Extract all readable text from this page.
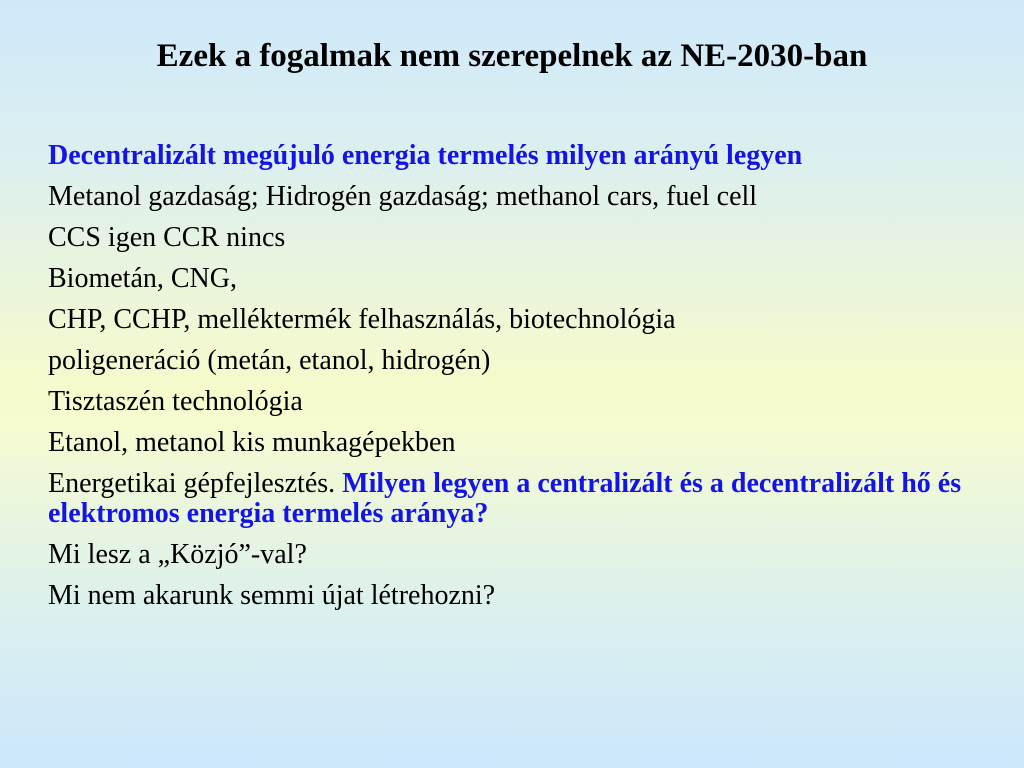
Ezek a fogalmak nem szerepelnek az NE-2030-ban

Decentralizált megújuló energia termelés milyen arányú legyen

Metanol gazdaság; Hidrogén gazdaság; methanol cars, fuel cell

CCS igen CCR nincs

Biometán, CNG,

CHP, CCHP, melléktermék felhasználás, biotechnológia

poligeneráció (metán, etanol, hidrogén)

Tisztaszén technológia

Etanol, metanol kis munkagépekben

Energetikai gépfejlesztés. Milyen legyen a centralizált és a decentralizált hő és elektromos energia termelés aránya?

Mi lesz a „Közjó”-val?

Mi nem akarunk semmi újat létrehozni?
